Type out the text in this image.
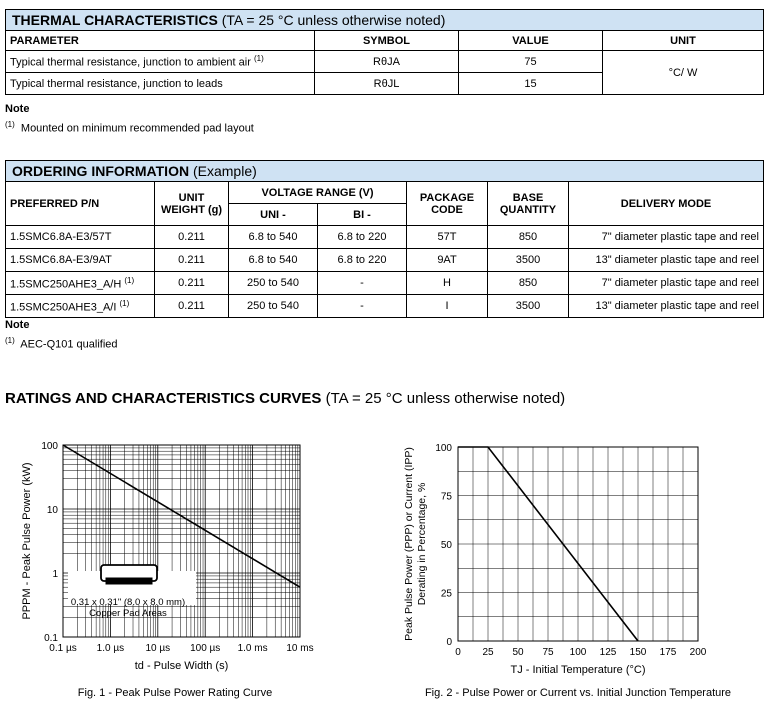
THERMAL CHARACTERISTICS (TA = 25 °C unless otherwise noted)			
PARAMETER	SYMBOL	VALUE	UNIT
Typical thermal resistance, junction to ambient air $^{(1)}$	RθJA	75	°C/ W
Typical thermal resistance, junction to leads	RθJL	15	
Note
$^{(1)}$ Mounted on minimum recommended pad layout
ORDERING INFORMATION (Example)						
PREFERRED P/N	UNIT WEIGHT (g)	VOLTAGE RANGE (V)		PACKAGE CODE	BASE QUANTITY	DELIVERY MODE
		UNI -	BI -			
1.5SMC6.8A-E3/57T	0.211	6.8 to 540	6.8 to 220	57T	850	7" diameter plastic tape and reel
1.5SMC6.8A-E3/9AT	0.211	6.8 to 540	6.8 to 220	9AT	3500	13" diameter plastic tape and reel
1.5SMC250AHE3_A/H $^{(1)}$	0.211	250 to 540	-	H	850	7" diameter plastic tape and reel
1.5SMC250AHE3_A/I $^{(1)}$	0.211	250 to 540	-	I	3500	13" diameter plastic tape and reel
Note
$^{(1)}$ AEC-Q101 qualified
RATINGS AND CHARACTERISTICS CURVES (TA = 25 °C unless otherwise noted)
0.1 µs 1.0 µs 10 µs 100 µs 1.0 ms 10 ms
100
10
1
0.1
td - Pulse Width (s)
PPPM - Peak Pulse Power (kW)	0.31 x 0.31" (8.0 x 8.0 mm)
Copper Pad Areas
Fig. 1 - Peak Pulse Power Rating Curve
0 25 50 75 100 125 150 175 200
100
75
50
25
0
TJ - Initial Temperature (°C)
Peak Pulse Power (PPP) or Current (IPP) Derating in Percentage, %
Fig. 2 - Pulse Power or Current vs. Initial Junction Temperature
